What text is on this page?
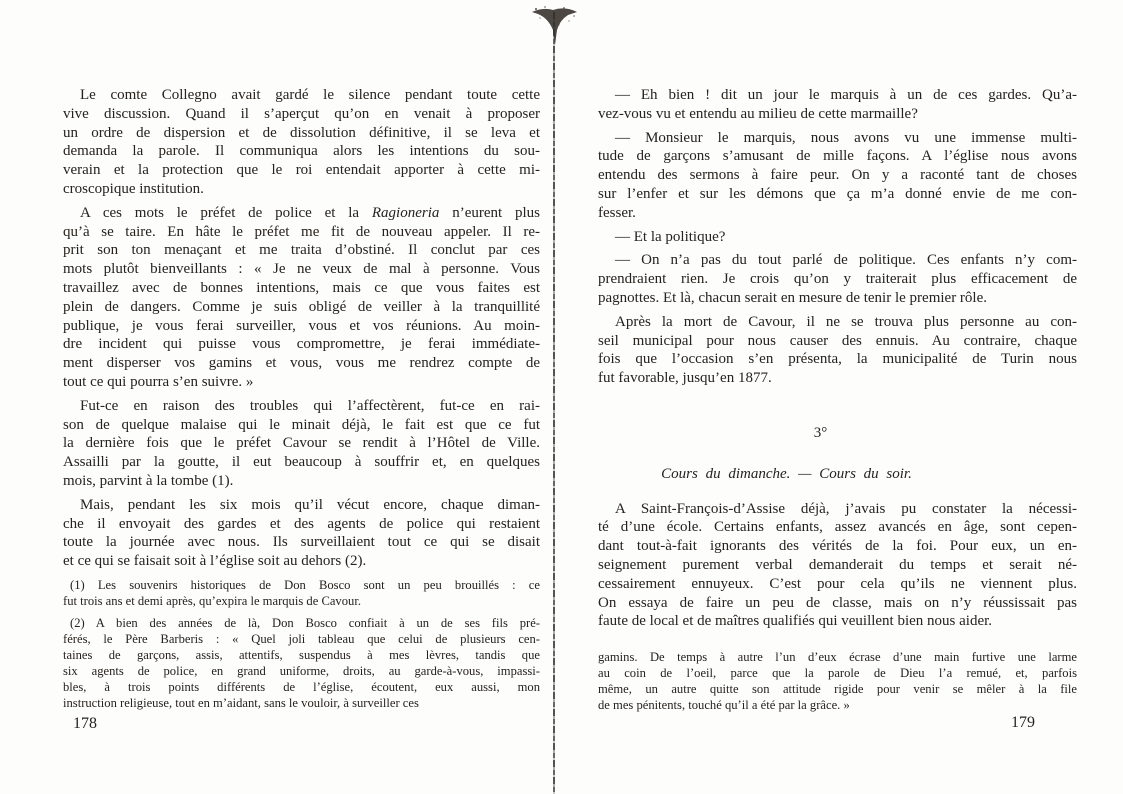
Le comte Collegno avait gardé le silence pendant toute cette
vive discussion. Quand il s’aperçut qu’on en venait à proposer
un ordre de dispersion et de dissolution définitive, il se leva et
demanda la parole. Il communiqua alors les intentions du sou-
verain et la protection que le roi entendait apporter à cette mi-
croscopique institution.
A ces mots le préfet de police et la Ragioneria n’eurent plus
qu’à se taire. En hâte le préfet me fit de nouveau appeler. Il re-
prit son ton menaçant et me traita d’obstiné. Il conclut par ces
mots plutôt bienveillants : « Je ne veux de mal à personne. Vous
travaillez avec de bonnes intentions, mais ce que vous faites est
plein de dangers. Comme je suis obligé de veiller à la tranquillité
publique, je vous ferai surveiller, vous et vos réunions. Au moin-
dre incident qui puisse vous compromettre, je ferai immédiate-
ment disperser vos gamins et vous, vous me rendrez compte de
tout ce qui pourra s’en suivre. »
Fut-ce en raison des troubles qui l’affectèrent, fut-ce en rai-
son de quelque malaise qui le minait déjà, le fait est que ce fut
la dernière fois que le préfet Cavour se rendit à l’Hôtel de Ville.
Assailli par la goutte, il eut beaucoup à souffrir et, en quelques
mois, parvint à la tombe (1).
Mais, pendant les six mois qu’il vécut encore, chaque diman-
che il envoyait des gardes et des agents de police qui restaient
toute la journée avec nous. Ils surveillaient tout ce qui se disait
et ce qui se faisait soit à l’église soit au dehors (2).
(1) Les souvenirs historiques de Don Bosco sont un peu brouillés : ce
fut trois ans et demi après, qu’expira le marquis de Cavour.
(2) A bien des années de là, Don Bosco confiait à un de ses fils pré-
férés, le Père Barberis : « Quel joli tableau que celui de plusieurs cen-
taines de garçons, assis, attentifs, suspendus à mes lèvres, tandis que
six agents de police, en grand uniforme, droits, au garde-à-vous, impassi-
bles, à trois points différents de l’église, écoutent, eux aussi, mon
instruction religieuse, tout en m’aidant, sans le vouloir, à surveiller ces
— Eh bien ! dit un jour le marquis à un de ces gardes. Qu’a-
vez-vous vu et entendu au milieu de cette marmaille?
— Monsieur le marquis, nous avons vu une immense multi-
tude de garçons s’amusant de mille façons. A l’église nous avons
entendu des sermons à faire peur. On y a raconté tant de choses
sur l’enfer et sur les démons que ça m’a donné envie de me con-
fesser.
— Et la politique?
— On n’a pas du tout parlé de politique. Ces enfants n’y com-
prendraient rien. Je crois qu’on y traiterait plus efficacement de
pagnottes. Et là, chacun serait en mesure de tenir le premier rôle.
Après la mort de Cavour, il ne se trouva plus personne au con-
seil municipal pour nous causer des ennuis. Au contraire, chaque
fois que l’occasion s’en présenta, la municipalité de Turin nous
fut favorable, jusqu’en 1877.
3°
Cours du dimanche. — Cours du soir.
A Saint-François-d’Assise déjà, j’avais pu constater la nécessi-
té d’une école. Certains enfants, assez avancés en âge, sont cepen-
dant tout-à-fait ignorants des vérités de la foi. Pour eux, un en-
seignement purement verbal demanderait du temps et serait né-
cessairement ennuyeux. C’est pour cela qu’ils ne viennent plus.
On essaya de faire un peu de classe, mais on n’y réussissait pas
faute de local et de maîtres qualifiés qui veuillent bien nous aider.
gamins. De temps à autre l’un d’eux écrase d’une main furtive une larme
au coin de l’oeil, parce que la parole de Dieu l’a remué, et, parfois
même, un autre quitte son attitude rigide pour venir se mêler à la file
de mes pénitents, touché qu’il a été par la grâce. »
178	179
